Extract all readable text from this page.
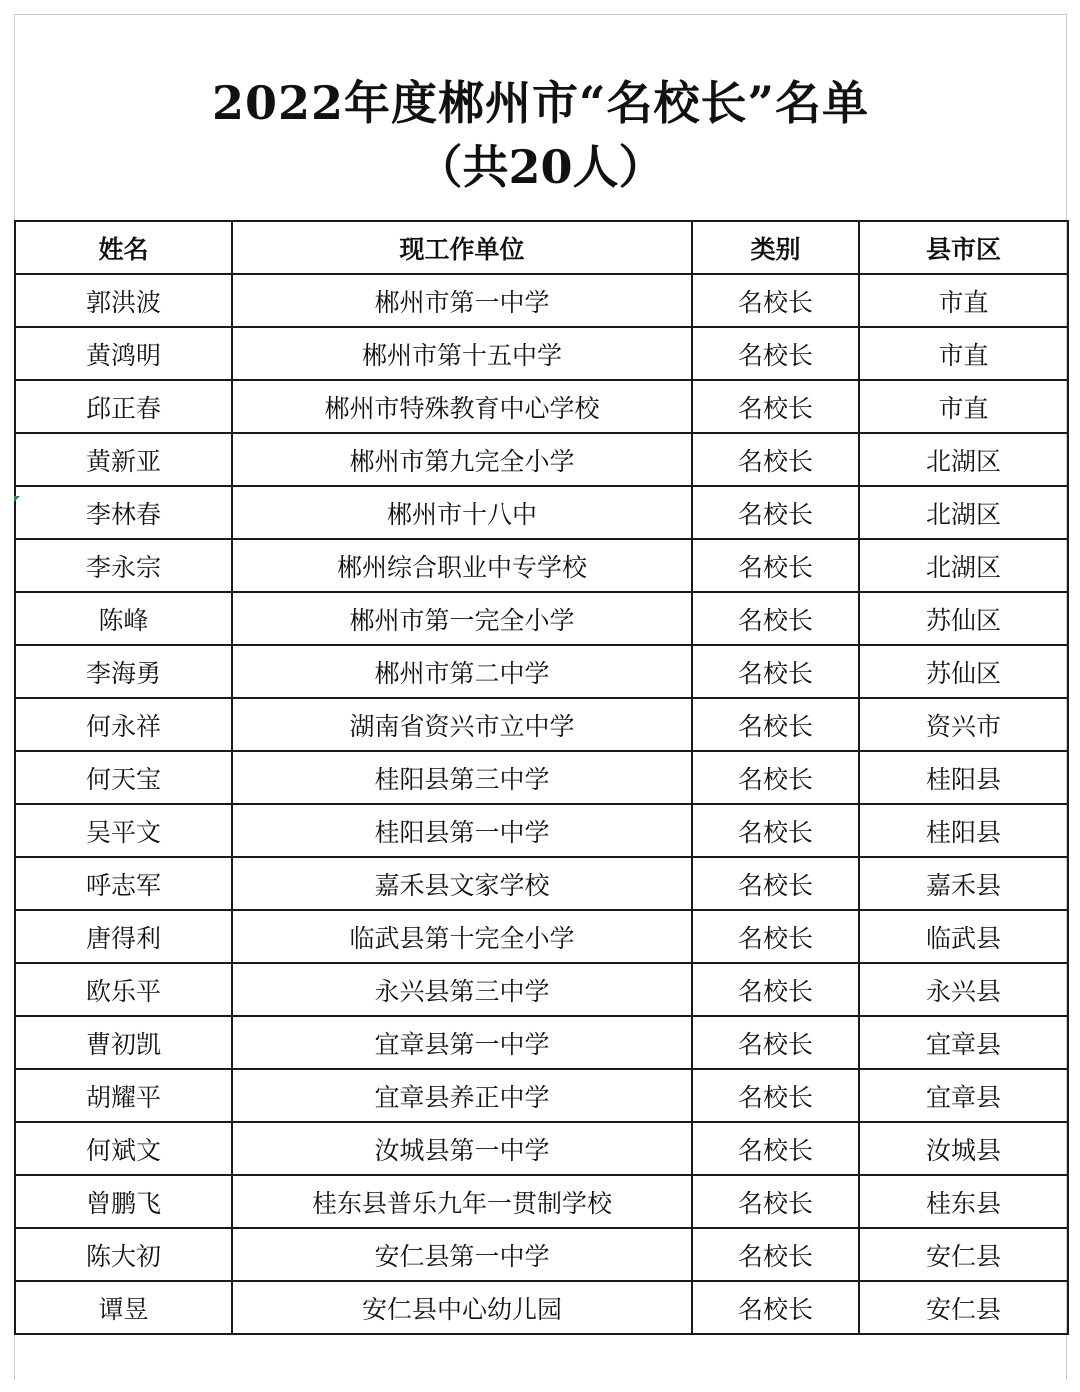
2022年度郴州市“名校长”名单
（共20人）
姓名	现工作单位	类别	县市区
郭洪波	郴州市第一中学	名校长	市直
黄鸿明	郴州市第十五中学	名校长	市直
邱正春	郴州市特殊教育中心学校	名校长	市直
黄新亚	郴州市第九完全小学	名校长	北湖区
李林春	郴州市十八中	名校长	北湖区
李永宗	郴州综合职业中专学校	名校长	北湖区
陈峰	郴州市第一完全小学	名校长	苏仙区
李海勇	郴州市第二中学	名校长	苏仙区
何永祥	湖南省资兴市立中学	名校长	资兴市
何天宝	桂阳县第三中学	名校长	桂阳县
吴平文	桂阳县第一中学	名校长	桂阳县
呼志军	嘉禾县文家学校	名校长	嘉禾县
唐得利	临武县第十完全小学	名校长	临武县
欧乐平	永兴县第三中学	名校长	永兴县
曹初凯	宜章县第一中学	名校长	宜章县
胡耀平	宜章县养正中学	名校长	宜章县
何斌文	汝城县第一中学	名校长	汝城县
曾鹏飞	桂东县普乐九年一贯制学校	名校长	桂东县
陈大初	安仁县第一中学	名校长	安仁县
谭昱	安仁县中心幼儿园	名校长	安仁县
